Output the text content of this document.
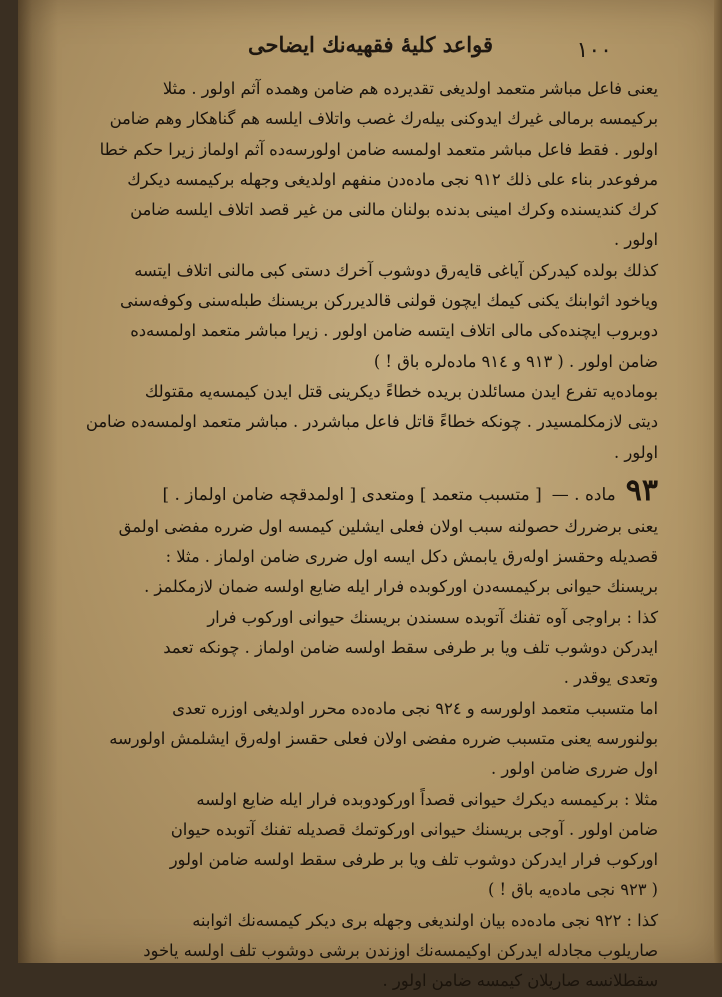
١٠٠
قواعد كليهٔ فقهيه‌نك ايضاحى

يعنى فاعل مباشر متعمد اولديغى تقديرده هم ضامن وهمده آثم اولور . مثلا

بركيمسه برمالى غيرك ايدوكنى بيله‌رك غصب واتلاف ايلسه هم گناهكار وهم ضامن

اولور . فقط فاعل مباشر متعمد اولمسه ضامن اولورسه‌ده آثم اولماز زيرا حكم خطا

مرفوعدر بناء على ذلك ٩١٢ نجى ماده‌دن منفهم اولديغى وجهله بركيمسه ديكرك

كرك كنديسنده وكرك امينى بدنده بولنان مالنى من غير قصد اتلاف ايلسه ضامن

اولور .

كذلك بولده كيدركن آياغى قايه‌رق دوشوب آخرك دستى كبى مالنى اتلاف ايتسه

وياخود اثوابنك يكنى كيمك ايچون قولنى قالديرركن بريسنك طبله‌سنى وكوفه‌سنى

دوبروب ايچنده‌كى مالى اتلاف ايتسه ضامن اولور . زيرا مباشر متعمد اولمسه‌ده

ضامن اولور . ( ٩١٣ و ٩١٤ ماده‌لره باق ! )

بوماده‌يه تفرع ايدن مسائلدن بريده خطاءً ديكرينى قتل ايدن كيمسه‌يه مقتولك

ديتى لازمكلمسيدر . چونكه خطاءً قاتل فاعل مباشردر . مباشر متعمد اولمسه‌ده ضامن

اولور .

٩٣
ماده . —
[ متسبب متعمد ] ومتعدى [ اولمدقچه ضامن اولماز . ]

يعنى برضررك حصولنه سبب اولان فعلى ايشلين كيمسه اول ضرره مفضى اولمق

قصديله وحقسز اوله‌رق يابمش دكل ايسه اول ضررى ضامن اولماز . مثلا :

بريسنك حيوانى بركيمسه‌دن اوركوبده فرار ايله ضايع اولسه ضمان لازمكلمز .

كذا : براوجى آوه تفنك آتوبده سسندن بريسنك حيوانى اوركوب فرار

ايدركن دوشوب تلف ويا بر طرفى سقط اولسه ضامن اولماز . چونكه تعمد

وتعدى يوقدر .

اما متسبب متعمد اولورسه و ٩٢٤ نجى ماده‌ده محرر اولديغى اوزره تعدى

بولنورسه يعنى متسبب ضرره مفضى اولان فعلى حقسز اوله‌رق ايشلمش اولورسه

اول ضررى ضامن اولور .

مثلا : بركيمسه ديكرك حيوانى قصداً اوركودوبده فرار ايله ضايع اولسه

ضامن اولور . آوجى بريسنك حيوانى اوركوتمك قصديله تفنك آتوبده حيوان

اوركوب فرار ايدركن دوشوب تلف ويا بر طرفى سقط اولسه ضامن اولور

( ٩٢٣ نجى ماده‌يه باق ! )

كذا : ٩٢٢ نجى ماده‌ده بيان اولنديغى وجهله برى ديكر كيمسه‌نك اثوابنه

صاريلوب مجادله ايدركن اوكيمسه‌نك اوزندن برشى دوشوب تلف اولسه ياخود

سقطلانسه صاريلان كيمسه ضامن اولور .
